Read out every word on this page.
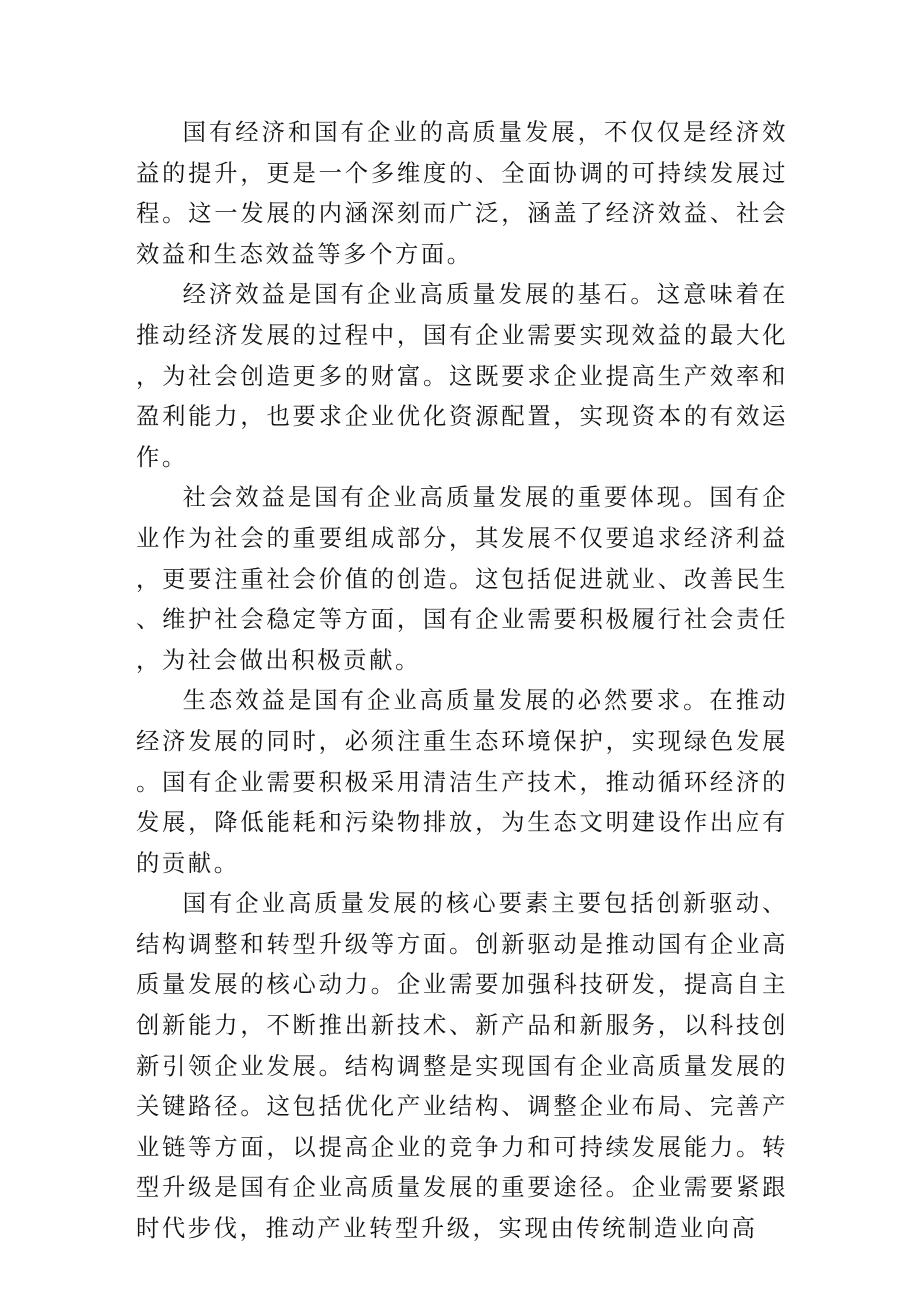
国有经济和国有企业的高质量发展，不仅仅是经济效益的提升，更是一个多维度的、全面协调的可持续发展过程。这一发展的内涵深刻而广泛，涵盖了经济效益、社会效益和生态效益等多个方面。

经济效益是国有企业高质量发展的基石。这意味着在推动经济发展的过程中，国有企业需要实现效益的最大化，为社会创造更多的财富。这既要求企业提高生产效率和盈利能力，也要求企业优化资源配置，实现资本的有效运作。

社会效益是国有企业高质量发展的重要体现。国有企业作为社会的重要组成部分，其发展不仅要追求经济利益，更要注重社会价值的创造。这包括促进就业、改善民生、维护社会稳定等方面，国有企业需要积极履行社会责任，为社会做出积极贡献。

生态效益是国有企业高质量发展的必然要求。在推动经济发展的同时，必须注重生态环境保护，实现绿色发展。国有企业需要积极采用清洁生产技术，推动循环经济的发展，降低能耗和污染物排放，为生态文明建设作出应有的贡献。

国有企业高质量发展的核心要素主要包括创新驱动、结构调整和转型升级等方面。创新驱动是推动国有企业高质量发展的核心动力。企业需要加强科技研发，提高自主创新能力，不断推出新技术、新产品和新服务，以科技创新引领企业发展。结构调整是实现国有企业高质量发展的关键路径。这包括优化产业结构、调整企业布局、完善产业链等方面，以提高企业的竞争力和可持续发展能力。转型升级是国有企业高质量发展的重要途径。企业需要紧跟时代步伐，推动产业转型升级，实现由传统制造业向高
